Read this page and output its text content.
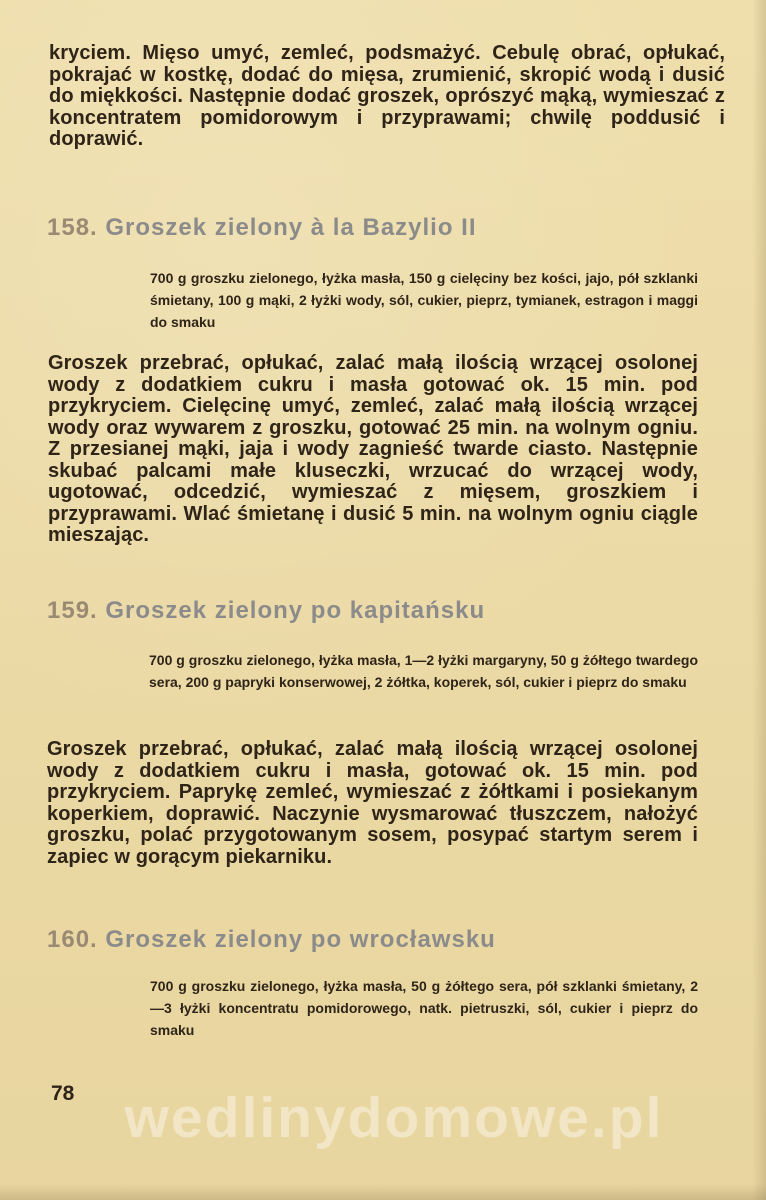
kryciem. Mięso umyć, zemleć, podsmażyć. Cebulę obrać, opłukać, pokrajać w kostkę, dodać do mięsa, zrumienić, skropić wodą i dusić do miękkości. Następnie dodać groszek, oprószyć mąką, wymieszać z koncentratem pomidorowym i przyprawami; chwilę poddusić i doprawić.

158. Groszek zielony à la Bazylio II

700 g groszku zielonego, łyżka masła, 150 g cielęciny bez kości, jajo, pół szklanki śmietany, 100 g mąki, 2 łyżki wody, sól, cukier, pieprz, tymianek, estragon i maggi do smaku

Groszek przebrać, opłukać, zalać małą ilością wrzącej osolonej wody z dodatkiem cukru i masła gotować ok. 15 min. pod przykryciem. Cielęcinę umyć, zemleć, zalać małą ilością wrzącej wody oraz wywarem z groszku, gotować 25 min. na wolnym ogniu. Z przesianej mąki, jaja i wody zagnieść twarde ciasto. Następnie skubać palcami małe kluseczki, wrzucać do wrzącej wody, ugotować, odcedzić, wymieszać z mięsem, groszkiem i przyprawami. Wlać śmietanę i dusić 5 min. na wolnym ogniu ciągle mieszając.

159. Groszek zielony po kapitańsku

700 g groszku zielonego, łyżka masła, 1—2 łyżki margaryny, 50 g żółtego twardego sera, 200 g papryki konserwowej, 2 żółtka, koperek, sól, cukier i pieprz do smaku

Groszek przebrać, opłukać, zalać małą ilością wrzącej osolonej wody z dodatkiem cukru i masła, gotować ok. 15 min. pod przykryciem. Paprykę zemleć, wymieszać z żółtkami i posiekanym koperkiem, doprawić. Naczynie wysmarować tłuszczem, nałożyć groszku, polać przygotowanym sosem, posypać startym serem i zapiec w gorącym piekarniku.

160. Groszek zielony po wrocławsku

700 g groszku zielonego, łyżka masła, 50 g żółtego sera, pół szklanki śmietany, 2—3 łyżki koncentratu pomidorowego, natk. pietruszki, sól, cukier i pieprz do smaku

78 wedlinydomowe.pl
